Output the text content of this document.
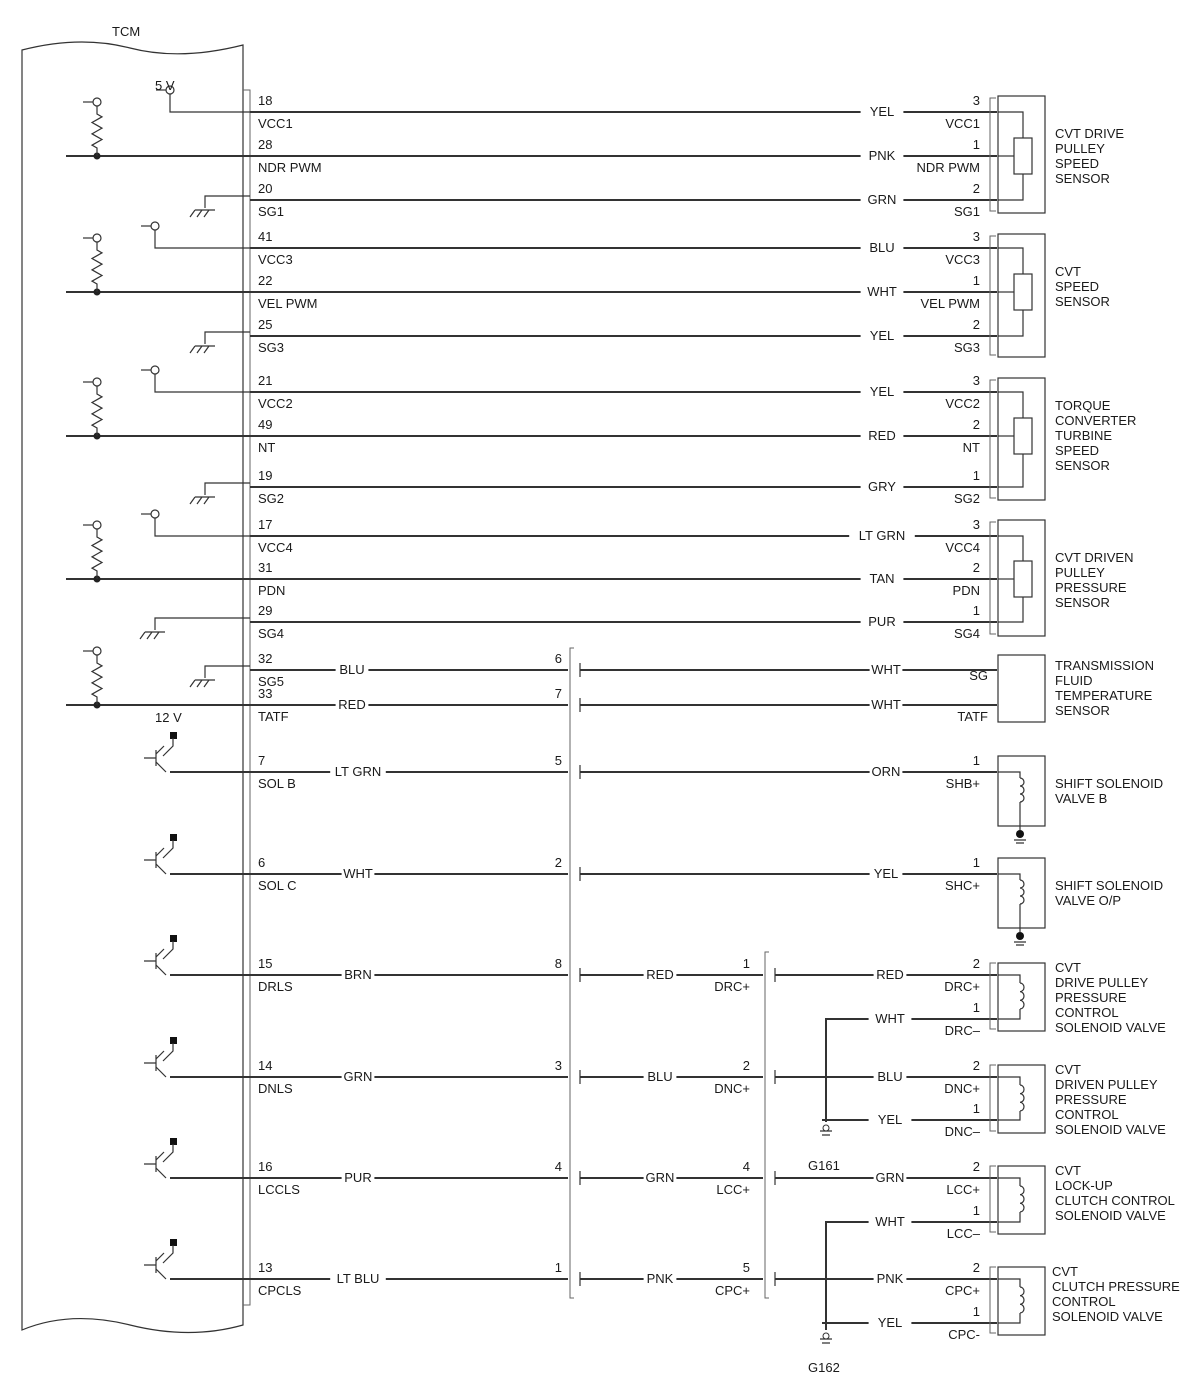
TCM
18
VCC1
YEL
3
VCC1
28
NDR PWM
PNK
1
NDR PWM
20
SG1
GRN
2
SG1
41
VCC3
BLU
3
VCC3
22
VEL PWM
WHT
1
VEL PWM
25
SG3
YEL
2
SG3
21
VCC2
YEL
3
VCC2
49
NT
RED
2
NT
19
SG2
GRY
1
SG2
17
VCC4
LT GRN
3
VCC4
31
PDN
TAN
2
PDN
29
SG4
PUR
1
SG4
5 V
CVT DRIVE
PULLEY
SPEED
SENSOR
CVT
SPEED
SENSOR
TORQUE
CONVERTER
TURBINE
SPEED
SENSOR
CVT DRIVEN
PULLEY
PRESSURE
SENSOR
32
SG5
BLU
6
WHT	SG
33
TATF
RED
7
WHT
TATF
TRANSMISSION
FLUID
TEMPERATURE
SENSOR
12 V
7
SOL B
LT GRN
5
ORN
1
SHB+	SHIFT SOLENOID
VALVE B
6
SOL C
WHT
2
YEL
1
SHC+	SHIFT SOLENOID
VALVE O/P
15
DRLS
BRN
8
RED
1
DRC+
RED
2
DRC+
WHT
1
DRC–
CVT
DRIVE PULLEY
PRESSURE
CONTROL
SOLENOID VALVE
14
DNLS
GRN
3
BLU
2
DNC+
BLU
2
DNC+
YEL
1
DNC–
CVT
DRIVEN PULLEY
PRESSURE
CONTROL
SOLENOID VALVE
16
LCCLS
PUR
4
GRN
4
LCC+
GRN
2
LCC+
WHT
1
LCC–
CVT
LOCK-UP
CLUTCH CONTROL
SOLENOID VALVE
13
CPCLS
LT BLU
1
PNK
5
CPC+
PNK
2
CPC+
YEL
1
CPC-
CVT
CLUTCH PRESSURE
CONTROL
SOLENOID VALVE
G161
G162
